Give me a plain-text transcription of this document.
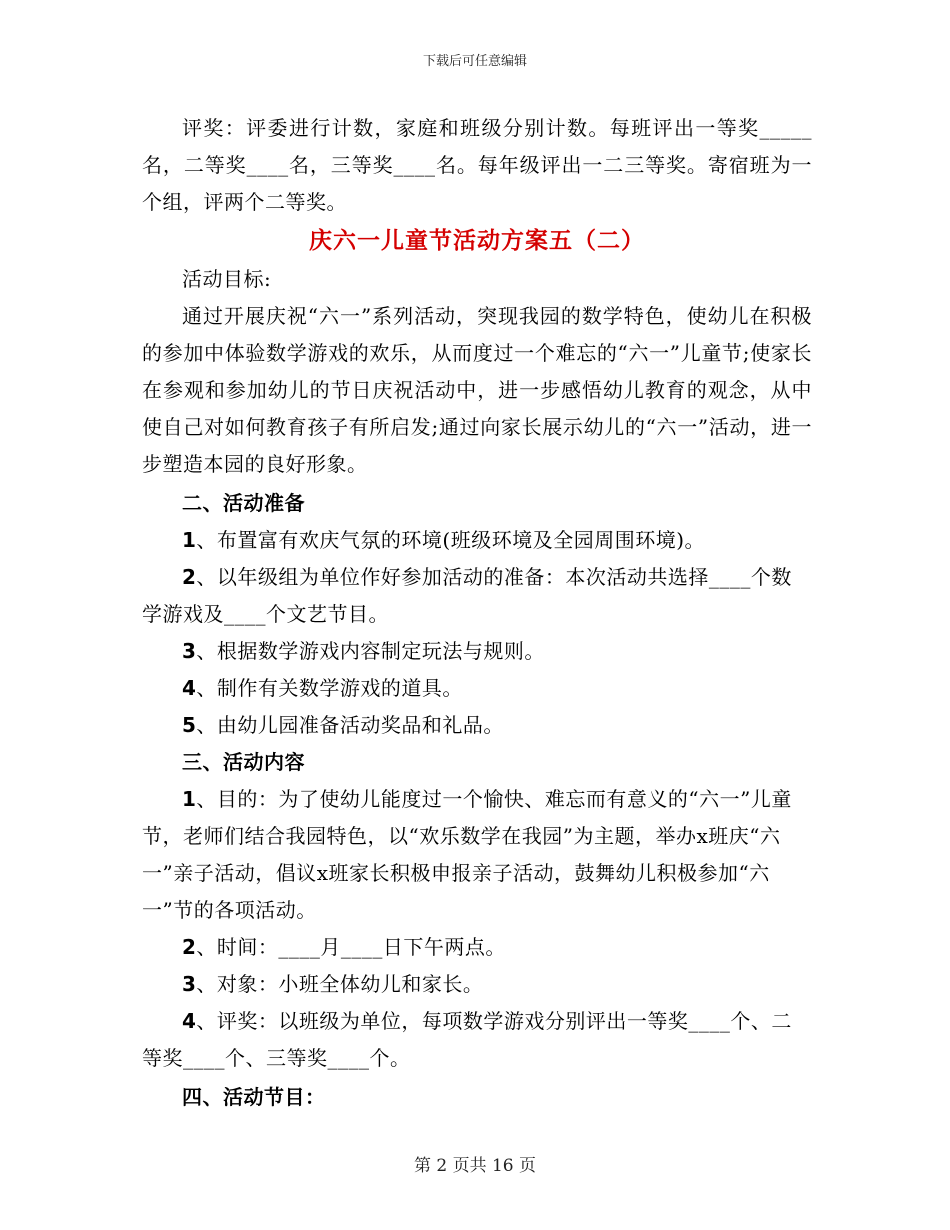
下载后可任意编辑

评奖：评委进行计数，家庭和班级分别计数。每班评出一等奖_____名，二等奖____名，三等奖____名。每年级评出一二三等奖。寄宿班为一个组，评两个二等奖。

庆六一儿童节活动方案五（二）

活动目标:

通过开展庆祝“六一”系列活动，突现我园的数学特色，使幼儿在积极的参加中体验数学游戏的欢乐，从而度过一个难忘的“六一”儿童节;使家长在参观和参加幼儿的节日庆祝活动中，进一步感悟幼儿教育的观念，从中使自己对如何教育孩子有所启发;通过向家长展示幼儿的“六一”活动，进一步塑造本园的良好形象。

二、活动准备

1、布置富有欢庆气氛的环境(班级环境及全园周围环境)。

2、以年级组为单位作好参加活动的准备：本次活动共选择____个数学游戏及____个文艺节目。

3、根据数学游戏内容制定玩法与规则。

4、制作有关数学游戏的道具。

5、由幼儿园准备活动奖品和礼品。

三、活动内容

1、目的：为了使幼儿能度过一个愉快、难忘而有意义的“六一”儿童节，老师们结合我园特色，以“欢乐数学在我园”为主题，举办x班庆“六一”亲子活动，倡议x班家长积极申报亲子活动，鼓舞幼儿积极参加“六一”节的各项活动。

2、时间：____月____日下午两点。

3、对象：小班全体幼儿和家长。

4、评奖：以班级为单位，每项数学游戏分别评出一等奖____个、二等奖____个、三等奖____个。

四、活动节目：

第 2 页共 16 页
